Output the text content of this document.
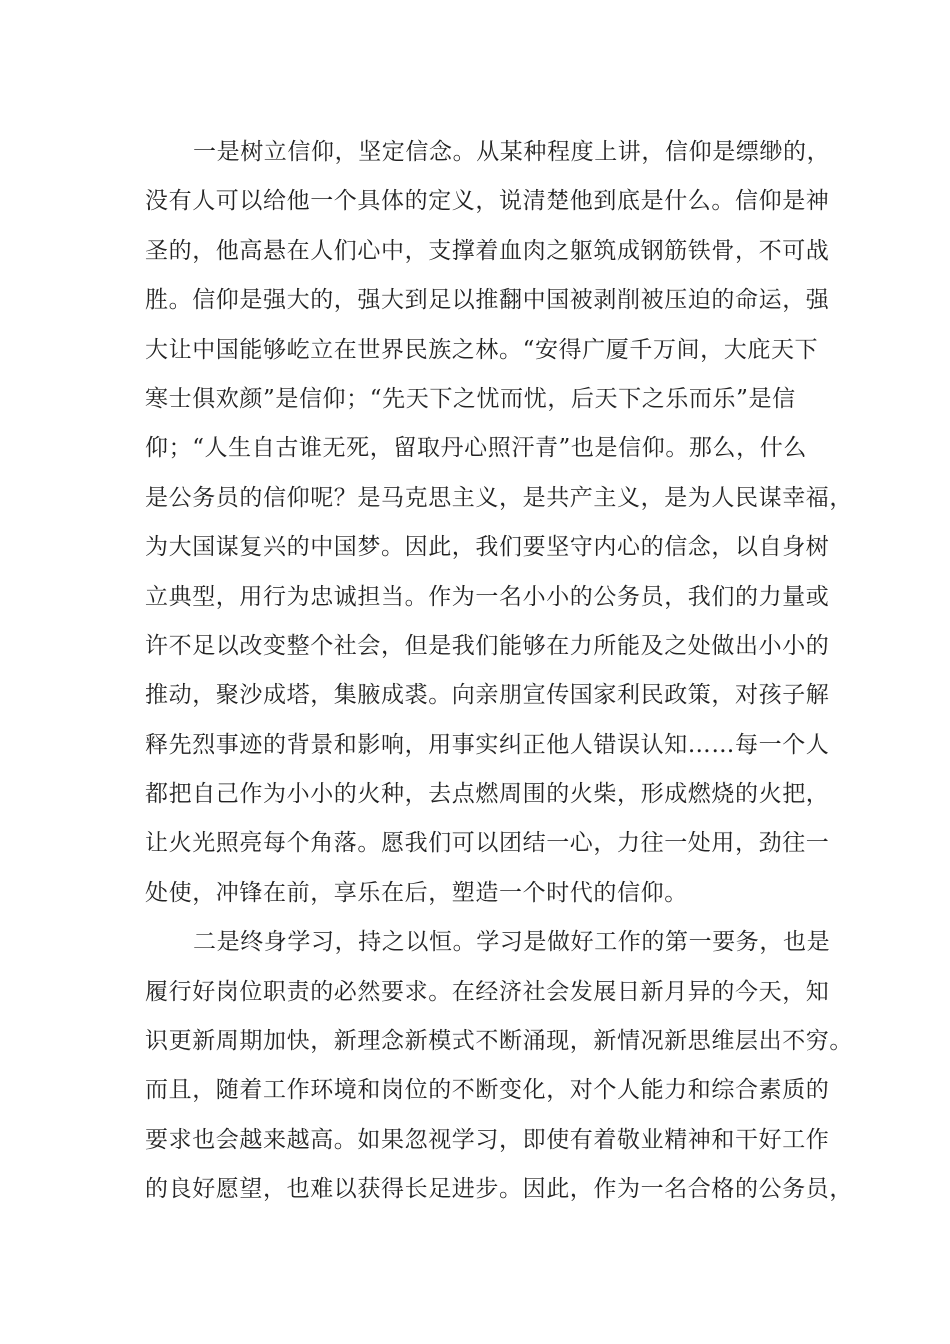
一是树立信仰，坚定信念。从某种程度上讲，信仰是缥缈的，
没有人可以给他一个具体的定义，说清楚他到底是什么。信仰是神
圣的，他高悬在人们心中，支撑着血肉之躯筑成钢筋铁骨，不可战
胜。信仰是强大的，强大到足以推翻中国被剥削被压迫的命运，强
大让中国能够屹立在世界民族之林。“安得广厦千万间，大庇天下
寒士俱欢颜”是信仰；“先天下之忧而忧，后天下之乐而乐”是信
仰；“人生自古谁无死，留取丹心照汗青”也是信仰。那么，什么
是公务员的信仰呢？是马克思主义，是共产主义，是为人民谋幸福，
为大国谋复兴的中国梦。因此，我们要坚守内心的信念，以自身树
立典型，用行为忠诚担当。作为一名小小的公务员，我们的力量或
许不足以改变整个社会，但是我们能够在力所能及之处做出小小的
推动，聚沙成塔，集腋成裘。向亲朋宣传国家利民政策，对孩子解
释先烈事迹的背景和影响，用事实纠正他人错误认知……每一个人
都把自己作为小小的火种，去点燃周围的火柴，形成燃烧的火把，
让火光照亮每个角落。愿我们可以团结一心，力往一处用，劲往一
处使，冲锋在前，享乐在后，塑造一个时代的信仰。
二是终身学习，持之以恒。学习是做好工作的第一要务，也是
履行好岗位职责的必然要求。在经济社会发展日新月异的今天，知
识更新周期加快，新理念新模式不断涌现，新情况新思维层出不穷。
而且，随着工作环境和岗位的不断变化，对个人能力和综合素质的
要求也会越来越高。如果忽视学习，即使有着敬业精神和干好工作
的良好愿望，也难以获得长足进步。因此，作为一名合格的公务员，
